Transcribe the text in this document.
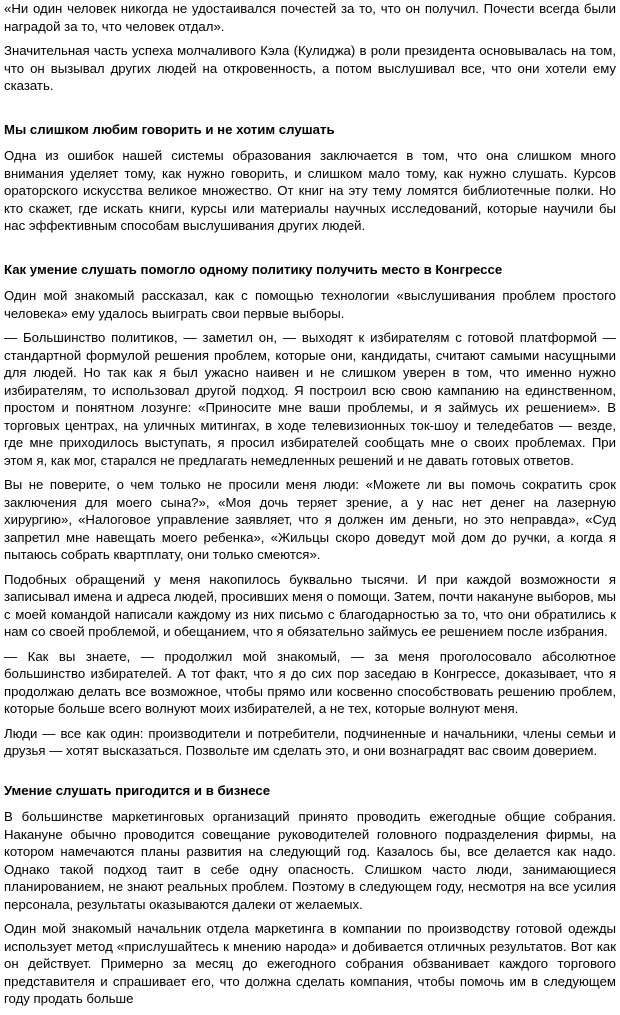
«Ни один человек никогда не удостаивался почестей за то, что он получил. Почести всегда были наградой за то, что человек отдал».

Значительная часть успеха молчаливого Кэла (Кулиджа) в роли президента основывалась на том, что он вызывал других людей на откровенность, а потом выслушивал все, что они хотели ему сказать.

Мы слишком любим говорить и не хотим слушать

Одна из ошибок нашей системы образования заключается в том, что она слишком много внимания уделяет тому, как нужно говорить, и слишком мало тому, как нужно слушать. Курсов ораторского искусства великое множество. От книг на эту тему ломятся библиотечные полки. Но кто скажет, где искать книги, курсы или материалы научных исследований, которые научили бы нас эффективным способам выслушивания других людей.

Как умение слушать помогло одному политику получить место в Конгрессе

Один мой знакомый рассказал, как с помощью технологии «выслушивания проблем простого человека» ему удалось выиграть свои первые выборы.

— Большинство политиков, — заметил он, — выходят к избирателям с готовой платформой — стандартной формулой решения проблем, которые они, кандидаты, считают самыми насущными для людей. Но так как я был ужасно наивен и не слишком уверен в том, что именно нужно избирателям, то использовал другой подход. Я построил всю свою кампанию на единственном, простом и понятном лозунге: «Приносите мне ваши проблемы, и я займусь их решением». В торговых центрах, на уличных митингах, в ходе телевизионных ток-шоу и теледебатов — везде, где мне приходилось выступать, я просил избирателей сообщать мне о своих проблемах. При этом я, как мог, старался не предлагать немедленных решений и не давать готовых ответов.

Вы не поверите, о чем только не просили меня люди: «Можете ли вы помочь сократить срок заключения для моего сына?», «Моя дочь теряет зрение, а у нас нет денег на лазерную хирургию», «Налоговое управление заявляет, что я должен им деньги, но это неправда», «Суд запретил мне навещать моего ребенка», «Жильцы скоро доведут мой дом до ручки, а когда я пытаюсь собрать квартплату, они только смеются».

Подобных обращений у меня накопилось буквально тысячи. И при каждой возможности я записывал имена и адреса людей, просивших меня о помощи. Затем, почти накануне выборов, мы с моей командой написали каждому из них письмо с благодарностью за то, что они обратились к нам со своей проблемой, и обещанием, что я обязательно займусь ее решением после избрания.

— Как вы знаете, — продолжил мой знакомый, — за меня проголосовало абсолютное большинство избирателей. А тот факт, что я до сих пор заседаю в Конгрессе, доказывает, что я продолжаю делать все возможное, чтобы прямо или косвенно способствовать решению проблем, которые больше всего волнуют моих избирателей, а не тех, которые волнуют меня.

Люди — все как один: производители и потребители, подчиненные и начальники, члены семьи и друзья — хотят высказаться. Позвольте им сделать это, и они вознаградят вас своим доверием.

Умение слушать пригодится и в бизнесе

В большинстве маркетинговых организаций принято проводить ежегодные общие собрания. Накануне обычно проводится совещание руководителей головного подразделения фирмы, на котором намечаются планы развития на следующий год. Казалось бы, все делается как надо. Однако такой подход таит в себе одну опасность. Слишком часто люди, занимающиеся планированием, не знают реальных проблем. Поэтому в следующем году, несмотря на все усилия персонала, результаты оказываются далеки от желаемых.

Один мой знакомый начальник отдела маркетинга в компании по производству готовой одежды использует метод «прислушайтесь к мнению народа» и добивается отличных результатов. Вот как он действует. Примерно за месяц до ежегодного собрания обзванивает каждого торгового представителя и спрашивает его, что должна сделать компания, чтобы помочь им в следующем году продать больше
